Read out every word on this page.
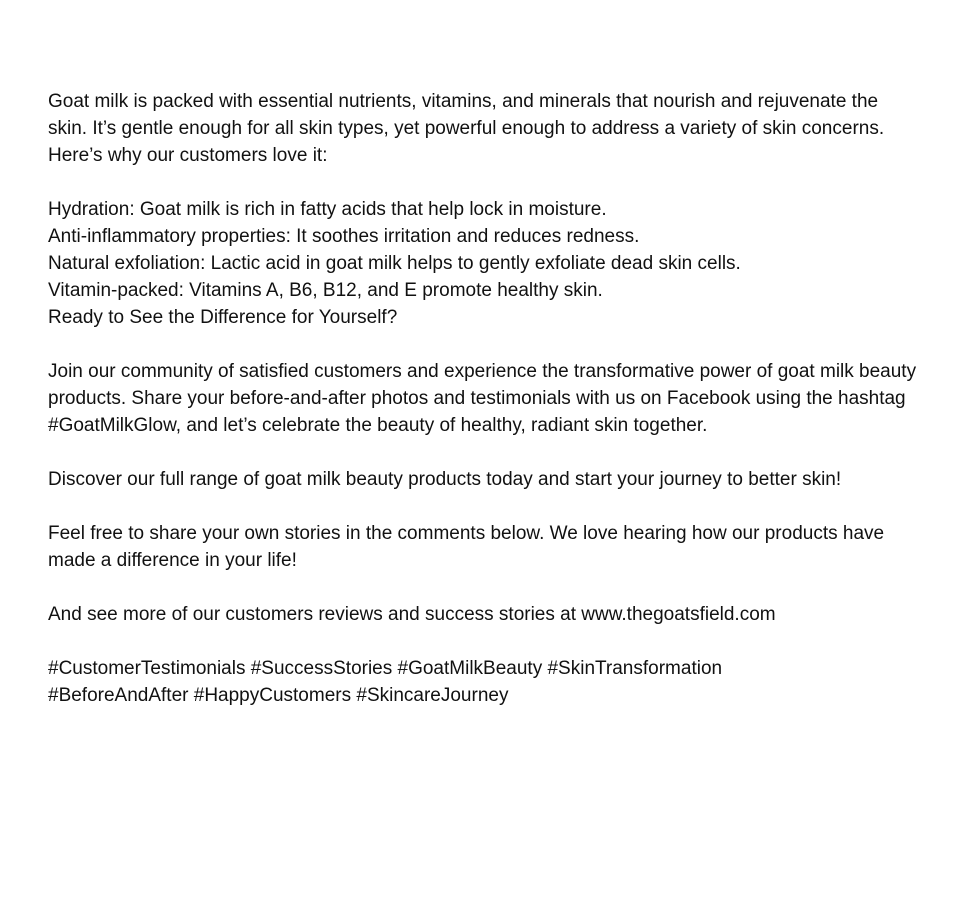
Goat milk is packed with essential nutrients, vitamins, and minerals that nourish and rejuvenate the skin. It’s gentle enough for all skin types, yet powerful enough to address a variety of skin concerns. Here’s why our customers love it:

Hydration: Goat milk is rich in fatty acids that help lock in moisture.
Anti-inflammatory properties: It soothes irritation and reduces redness.
Natural exfoliation: Lactic acid in goat milk helps to gently exfoliate dead skin cells.
Vitamin-packed: Vitamins A, B6, B12, and E promote healthy skin.
Ready to See the Difference for Yourself?

Join our community of satisfied customers and experience the transformative power of goat milk beauty products. Share your before-and-after photos and testimonials with us on Facebook using the hashtag #GoatMilkGlow, and let’s celebrate the beauty of healthy, radiant skin together.

Discover our full range of goat milk beauty products today and start your journey to better skin!

Feel free to share your own stories in the comments below. We love hearing how our products have made a difference in your life!

And see more of our customers reviews and success stories at www.thegoatsfield.com

#CustomerTestimonials #SuccessStories #GoatMilkBeauty #SkinTransformation
#BeforeAndAfter #HappyCustomers #SkincareJourney
